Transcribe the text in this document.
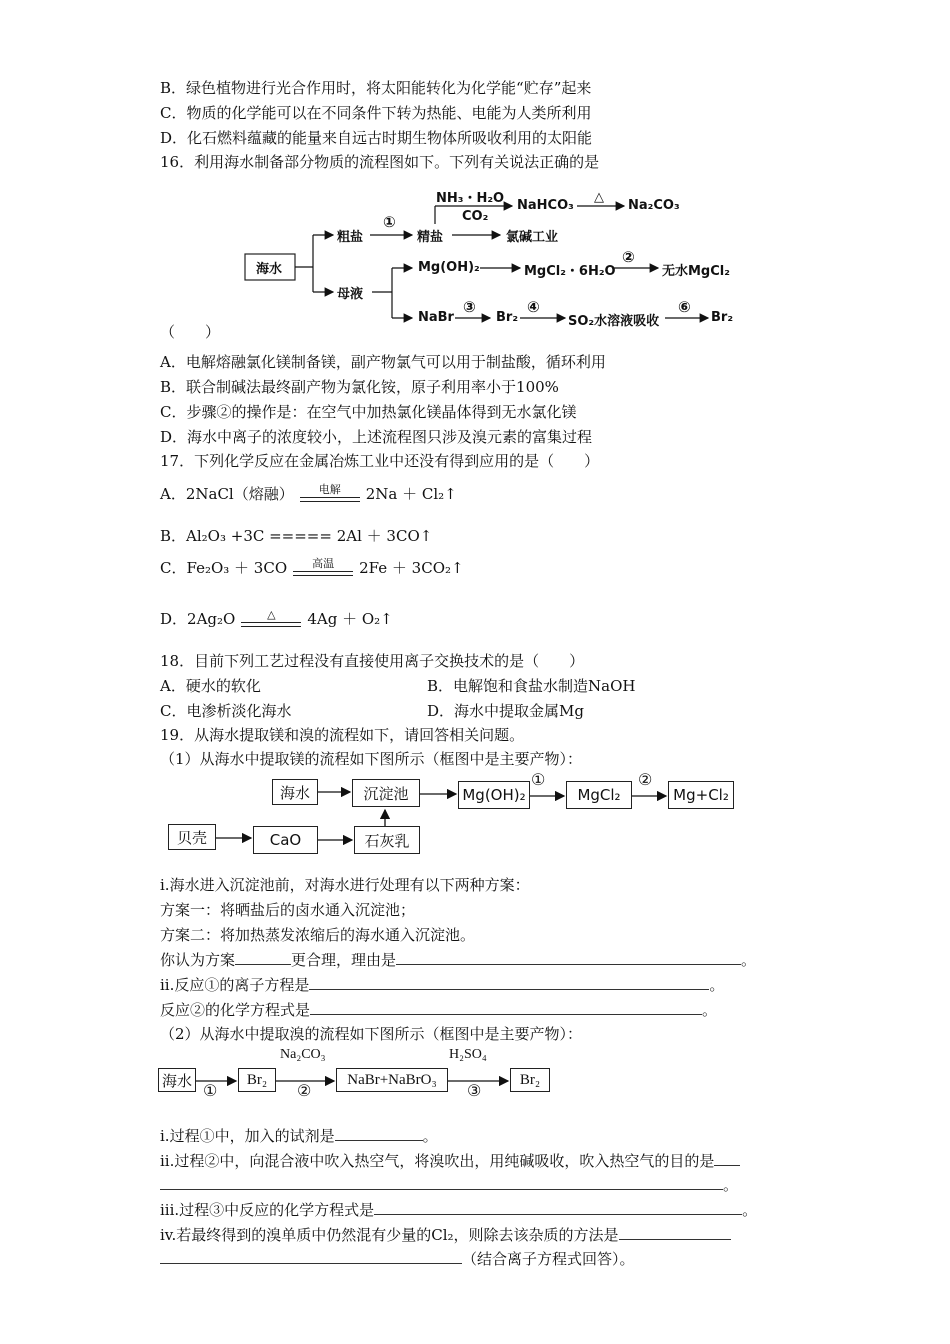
B．绿色植物进行光合作用时，将太阳能转化为化学能“贮存”起来
C．物质的化学能可以在不同条件下转为热能、电能为人类所利用
D．化石燃料蕴藏的能量来自远古时期生物体所吸收利用的太阳能
16．利用海水制备部分物质的流程图如下。下列有关说法正确的是
海水
粗盐
①
精盐
NH₃・H₂O
CO₂
NaHCO₃
△
Na₂CO₃
氯碱工业
母液
Mg(OH)₂	MgCl₂・6H₂O
②
无水MgCl₂
NaBr
③
Br₂
④
SO₂水溶液吸收
⑥
Br₂
（　　）
A．电解熔融氯化镁制备镁，副产物氯气可以用于制盐酸，循环利用
B．联合制碱法最终副产物为氯化铵，原子利用率小于100%
C．步骤②的操作是：在空气中加热氯化镁晶体得到无水氯化镁
D．海水中离子的浓度较小，上述流程图只涉及溴元素的富集过程
17．下列化学反应在金属冶炼工业中还没有得到应用的是（　　）
A．2NaCl（熔融）	电解	2Na ＋ Cl₂↑
B．Al₂O₃ +3C ===== 2Al ＋ 3CO↑
C．Fe₂O₃ ＋ 3CO	高温	2Fe ＋ 3CO₂↑
D．2Ag₂O	△	4Ag ＋ O₂↑
18．目前下列工艺过程没有直接使用离子交换技术的是（　　）
A．硬水的软化	B．电解饱和食盐水制造NaOH
C．电渗析淡化海水	D．海水中提取金属Mg
19．从海水提取镁和溴的流程如下，请回答相关问题。
（1）从海水中提取镁的流程如下图所示（框图中是主要产物）：
海水	沉淀池	Mg(OH)₂	MgCl₂	Mg+Cl₂
贝壳	CaO	石灰乳
①	②
i.海水进入沉淀池前，对海水进行处理有以下两种方案：
方案一：将晒盐后的卤水通入沉淀池；
方案二：将加热蒸发浓缩后的海水通入沉淀池。
你认为方案	更合理，理由是	。
ii.反应①的离子方程是	。
反应②的化学方程式是	。
（2）从海水中提取溴的流程如下图所示（框图中是主要产物）：
海水	Br₂	NaBr+NaBrO₃	Br₂
Na₂CO₃	H₂SO₄
①	②	③
i.过程①中，加入的试剂是	。
ii.过程②中，向混合液中吹入热空气，将溴吹出，用纯碱吸收，吹入热空气的目的是
。
iii.过程③中反应的化学方程式是	。
iv.若最终得到的溴单质中仍然混有少量的Cl₂，则除去该杂质的方法是
（结合离子方程式回答）。
